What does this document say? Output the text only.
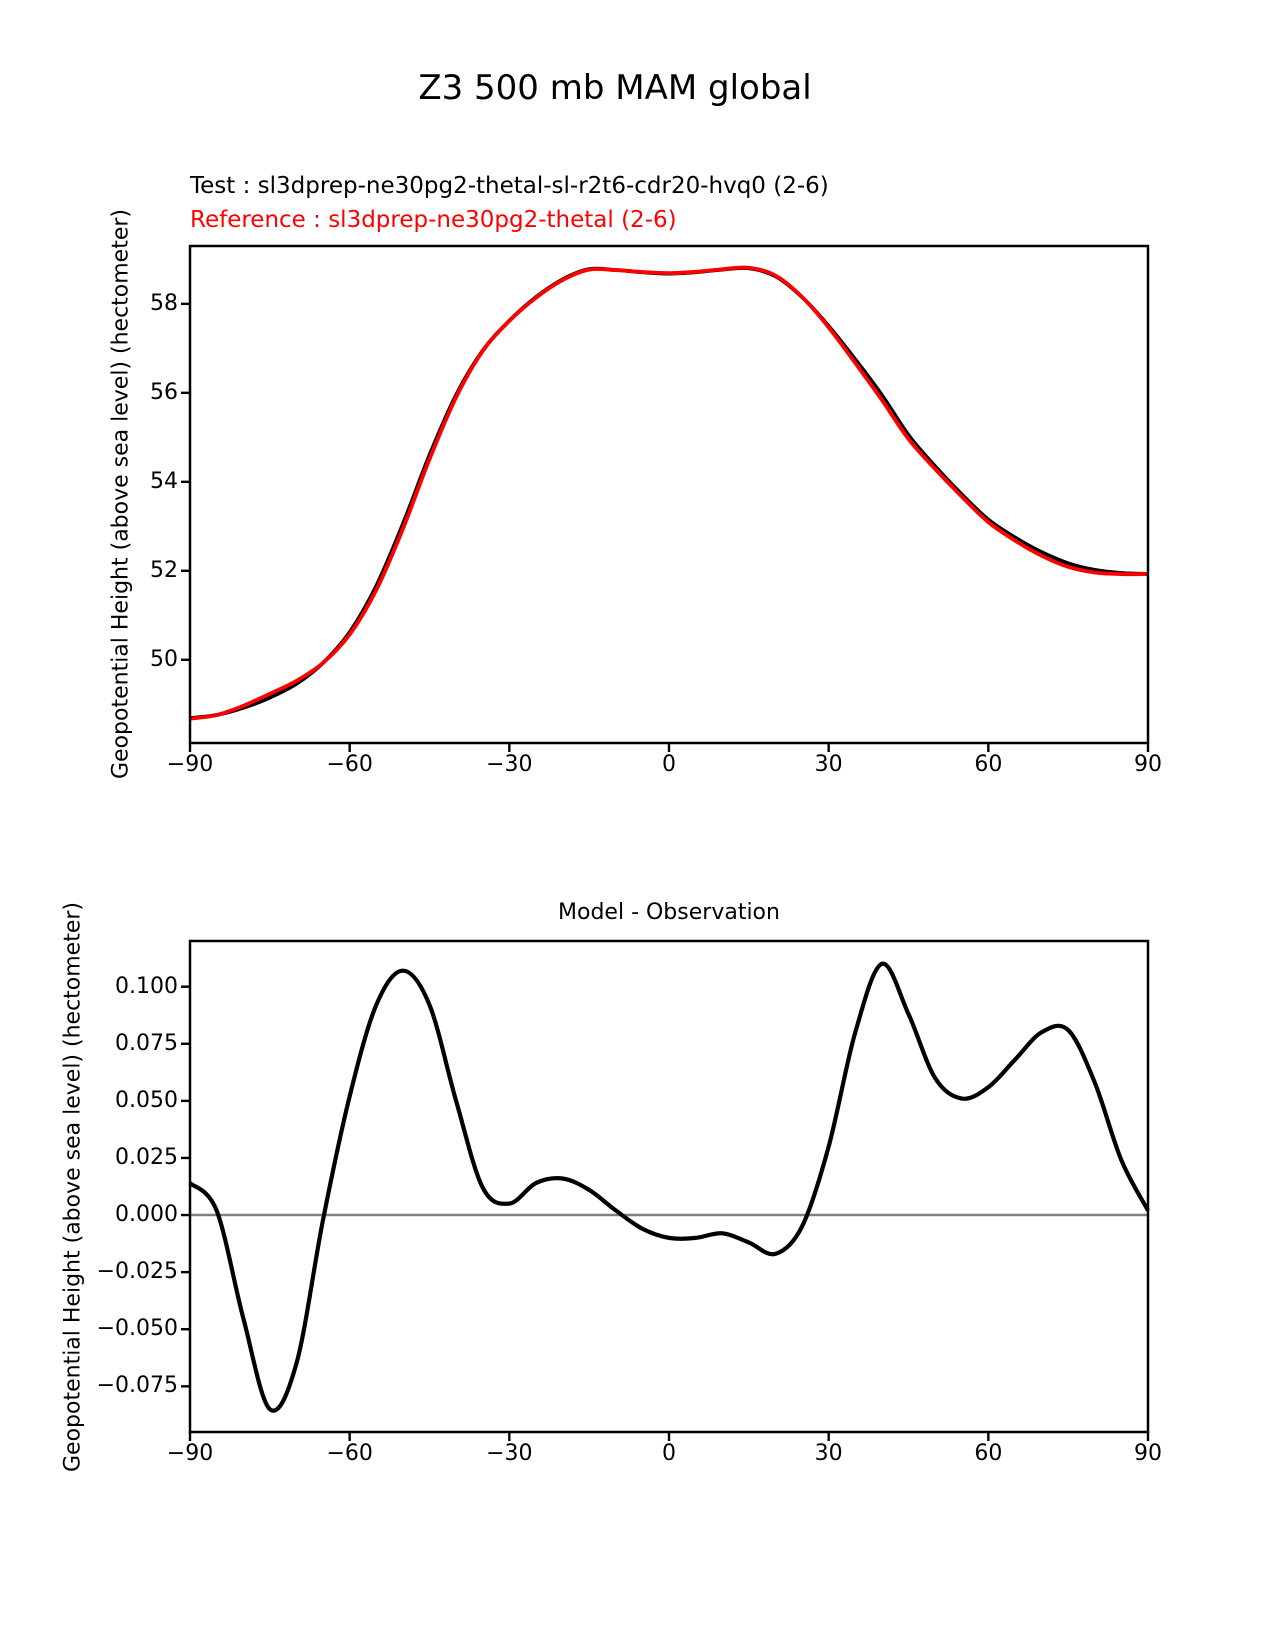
Z3 500 mb MAM global
Test : sl3dprep-ne30pg2-thetal-sl-r2t6-cdr20-hvq0 (2-6)
Reference : sl3dprep-ne30pg2-thetal (2-6)
Model - Observation
Geopotential Height (above sea level) (hectometer)
Geopotential Height (above sea level) (hectometer)
−90	−60	−30	0	30	60	90
50
52
54
56
58
−90	−60	−30	0	30	60	90
0.100
0.075
0.050
0.025
0.000
−0.025
−0.050
−0.075
